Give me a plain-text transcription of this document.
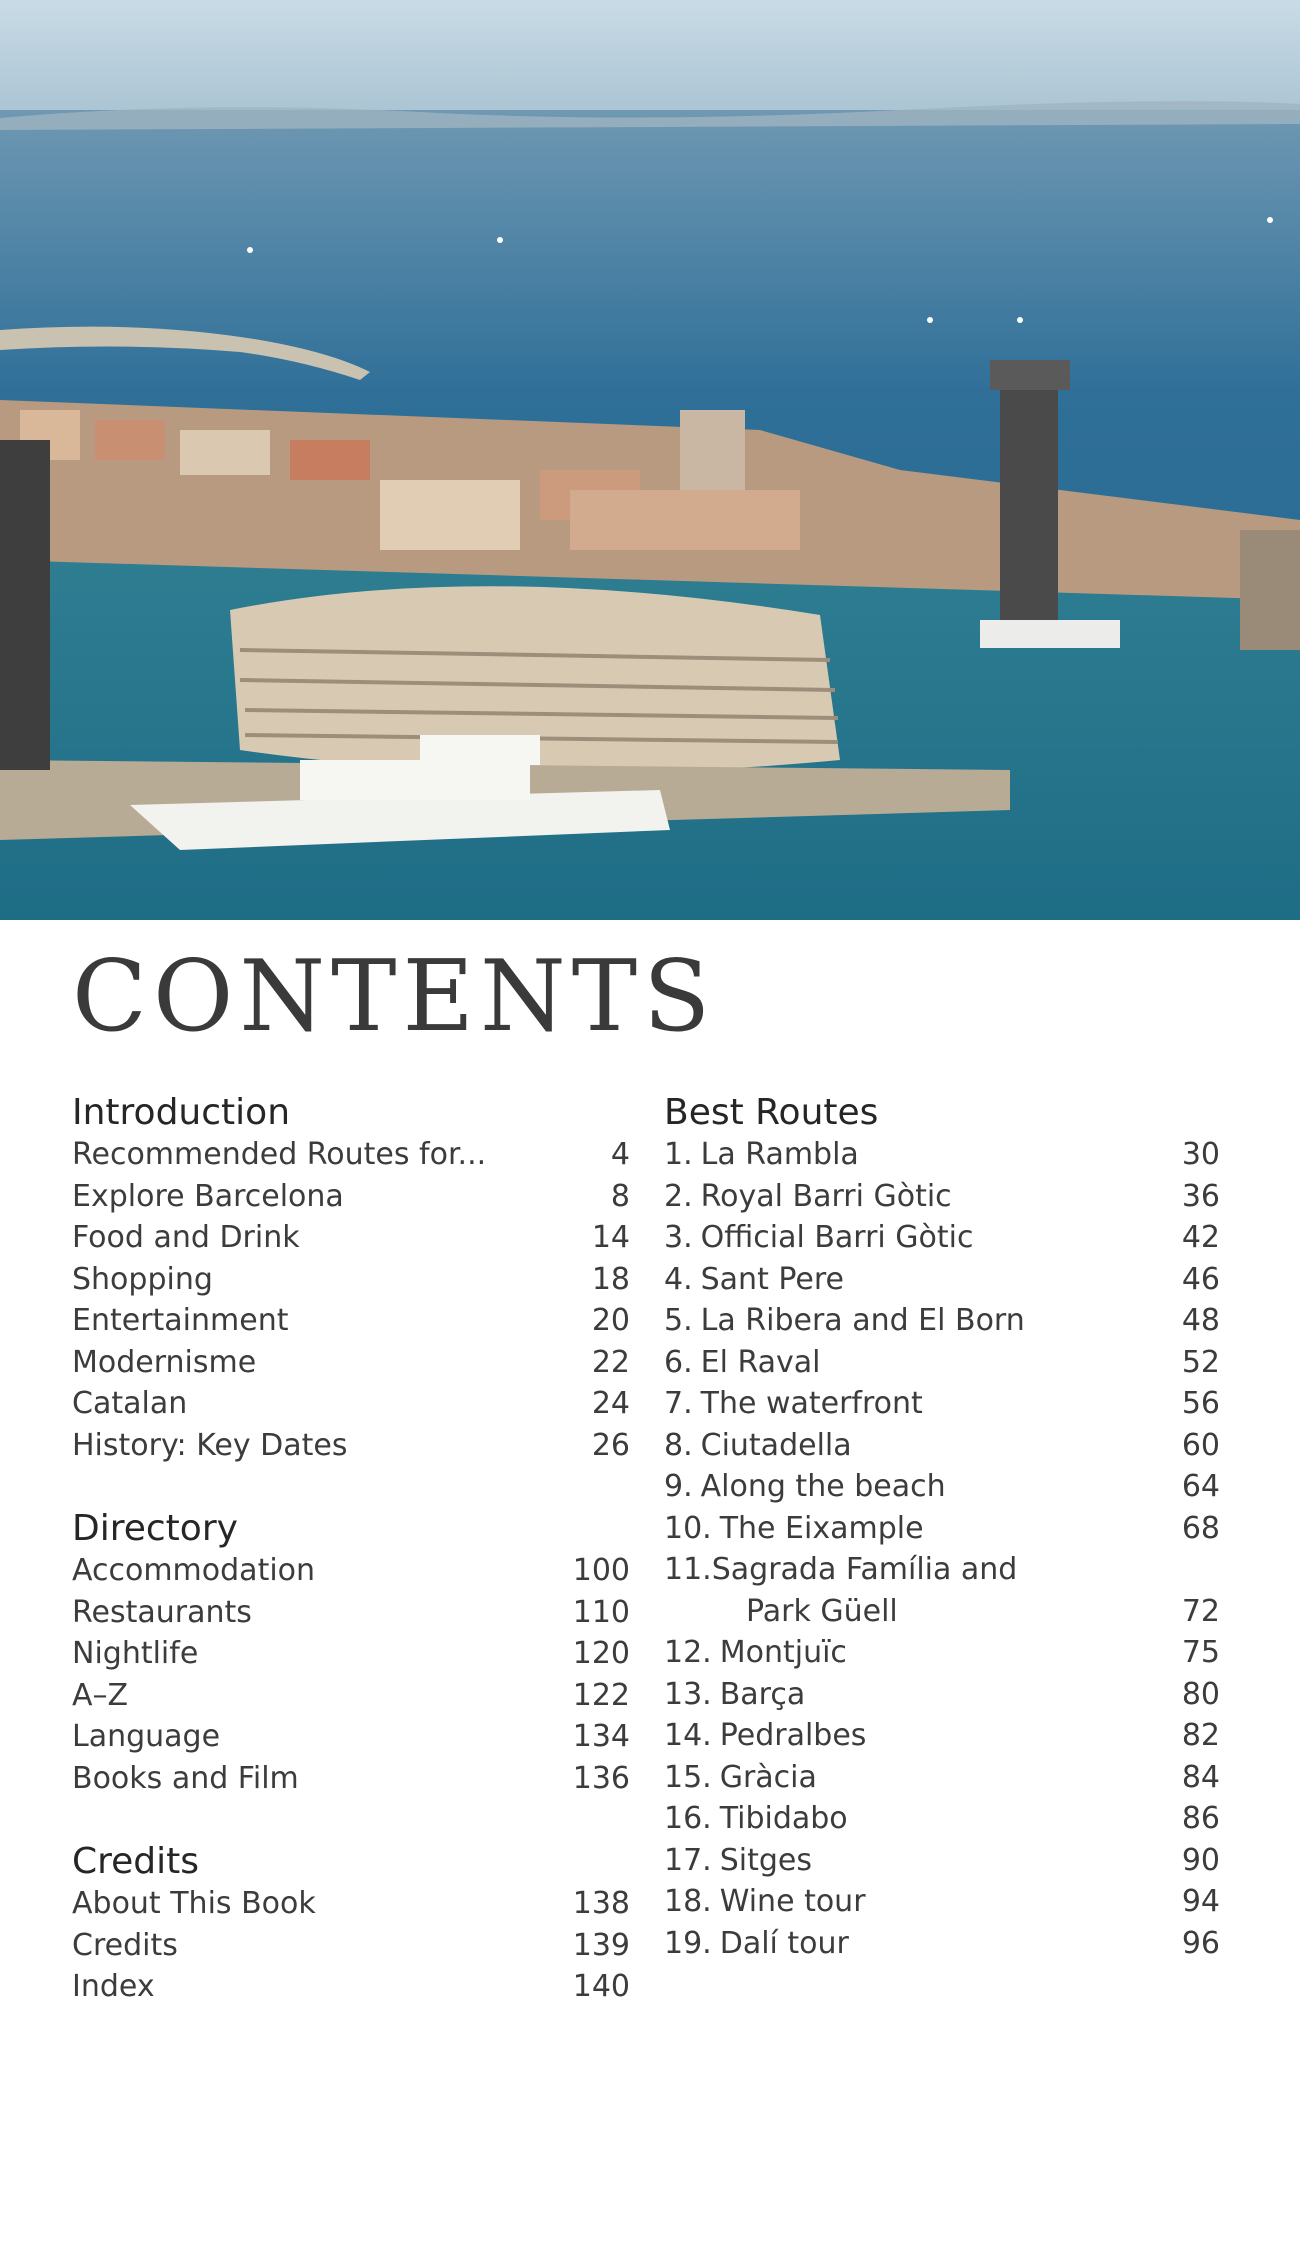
CONTENTS
Introduction
Recommended Routes for...	4
Explore Barcelona	8
Food and Drink	14
Shopping	18
Entertainment	20
Modernisme	22
Catalan	24
History: Key Dates	26
Directory
Accommodation	100
Restaurants	110
Nightlife	120
A–Z	122
Language	134
Books and Film	136
Credits
About This Book	138
Credits	139
Index	140
Best Routes
1. La Rambla	30
2. Royal Barri Gòtic	36
3. Official Barri Gòtic	42
4. Sant Pere	46
5. La Ribera and El Born	48
6. El Raval	52
7. The waterfront	56
8. Ciutadella	60
9. Along the beach	64
10. The Eixample	68
11.Sagrada Família and
Park Güell	72
12. Montjuïc	75
13. Barça	80
14. Pedralbes	82
15. Gràcia	84
16. Tibidabo	86
17. Sitges	90
18. Wine tour	94
19. Dalí tour	96
